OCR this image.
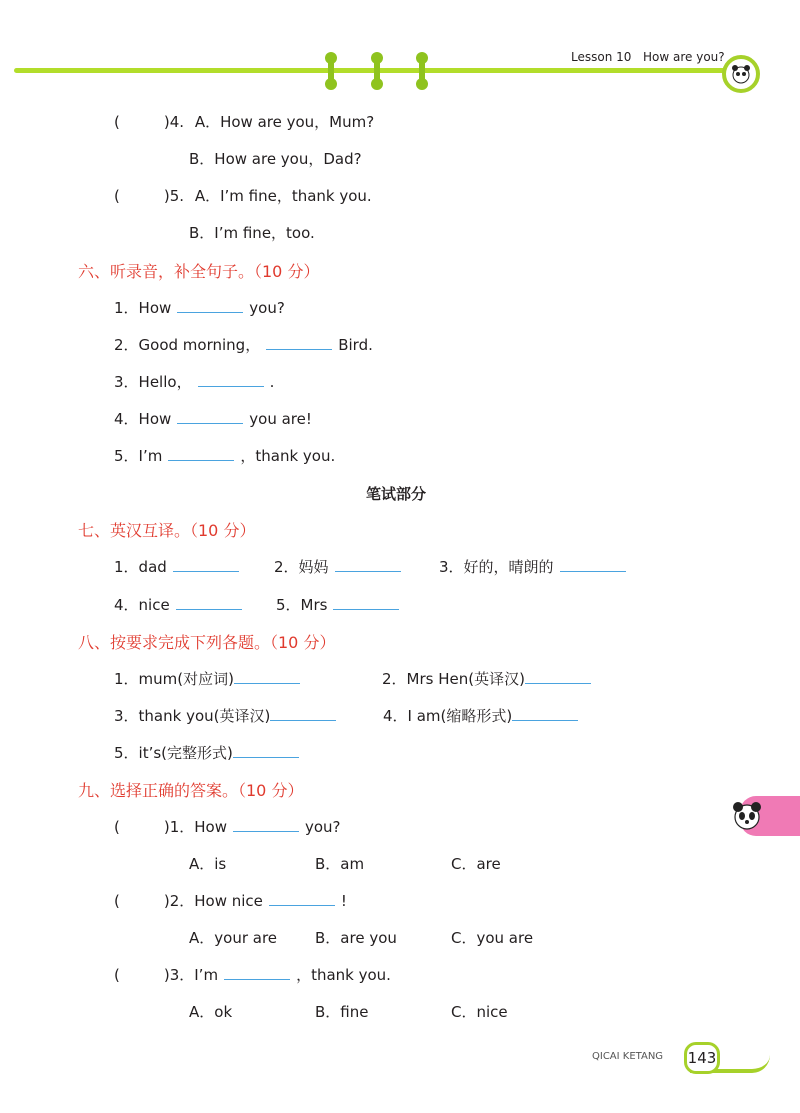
Lesson 10 How are you?
(	)4. A．How are you，Mum?
B．How are you，Dad?
(	)5. A．I’m fine，thank you.
B．I’m fine，too.
六、听录音，补全句子。（10 分）
1．How	you?
2．Good morning，	Bird.
3．Hello，	.
4．How	you are!
5．I’m	，thank you.
笔试部分
七、英汉互译。（10 分）
1．dad	2．妈妈	3．好的，晴朗的
4．nice	5．Mrs
八、按要求完成下列各题。（10 分）
1．mum(对应词)	2．Mrs Hen(英译汉)
3．thank you(英译汉)	4．I am(缩略形式)
5．it’s(完整形式)
九、选择正确的答案。（10 分）
(	)1．How	you?
A．is	B．am	C．are
(	)2．How nice	!
A．your are	B．are you	C．you are
(	)3．I’m	，thank you.
A．ok	B．fine	C．nice
QICAI KETANG 143
